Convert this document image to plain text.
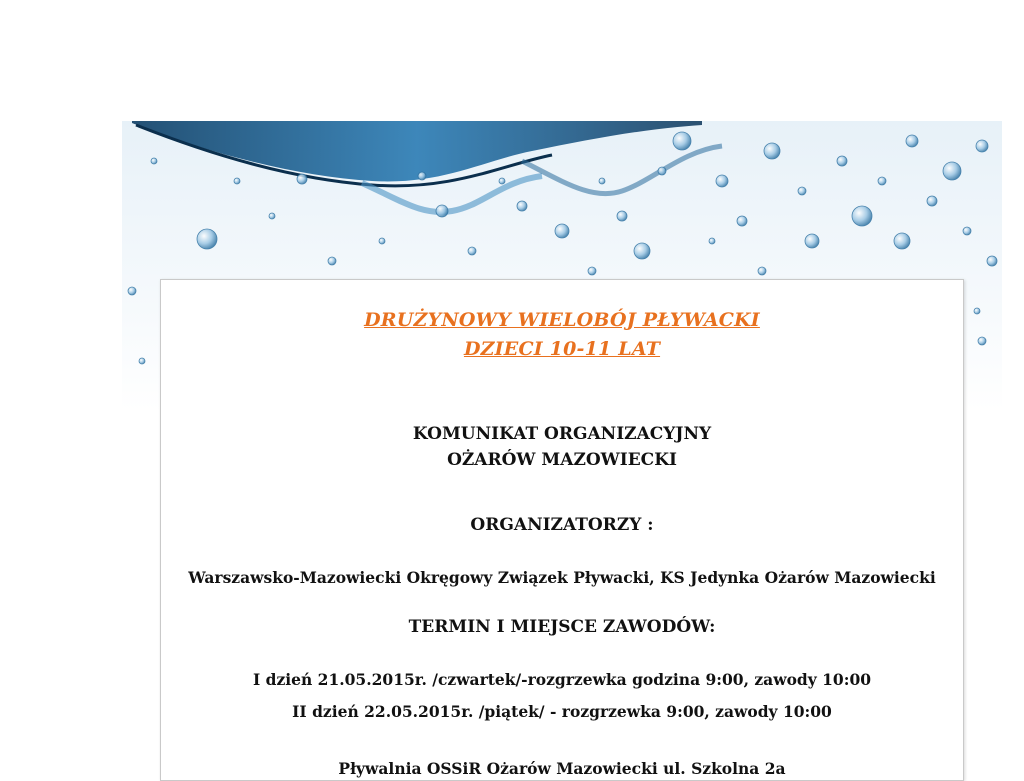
DRUŻYNOWY WIELOBÓJ PŁYWACKI
DZIECI 10-11 LAT
KOMUNIKAT ORGANIZACYJNY
OŻARÓW MAZOWIECKI
ORGANIZATORZY :
Warszawsko-Mazowiecki Okręgowy Związek Pływacki, KS Jedynka Ożarów Mazowiecki
TERMIN I MIEJSCE ZAWODÓW:
I dzień 21.05.2015r. /czwartek/-rozgrzewka godzina 9:00, zawody 10:00
II dzień 22.05.2015r. /piątek/ - rozgrzewka 9:00, zawody 10:00
Pływalnia OSSiR Ożarów Mazowiecki ul. Szkolna 2a
